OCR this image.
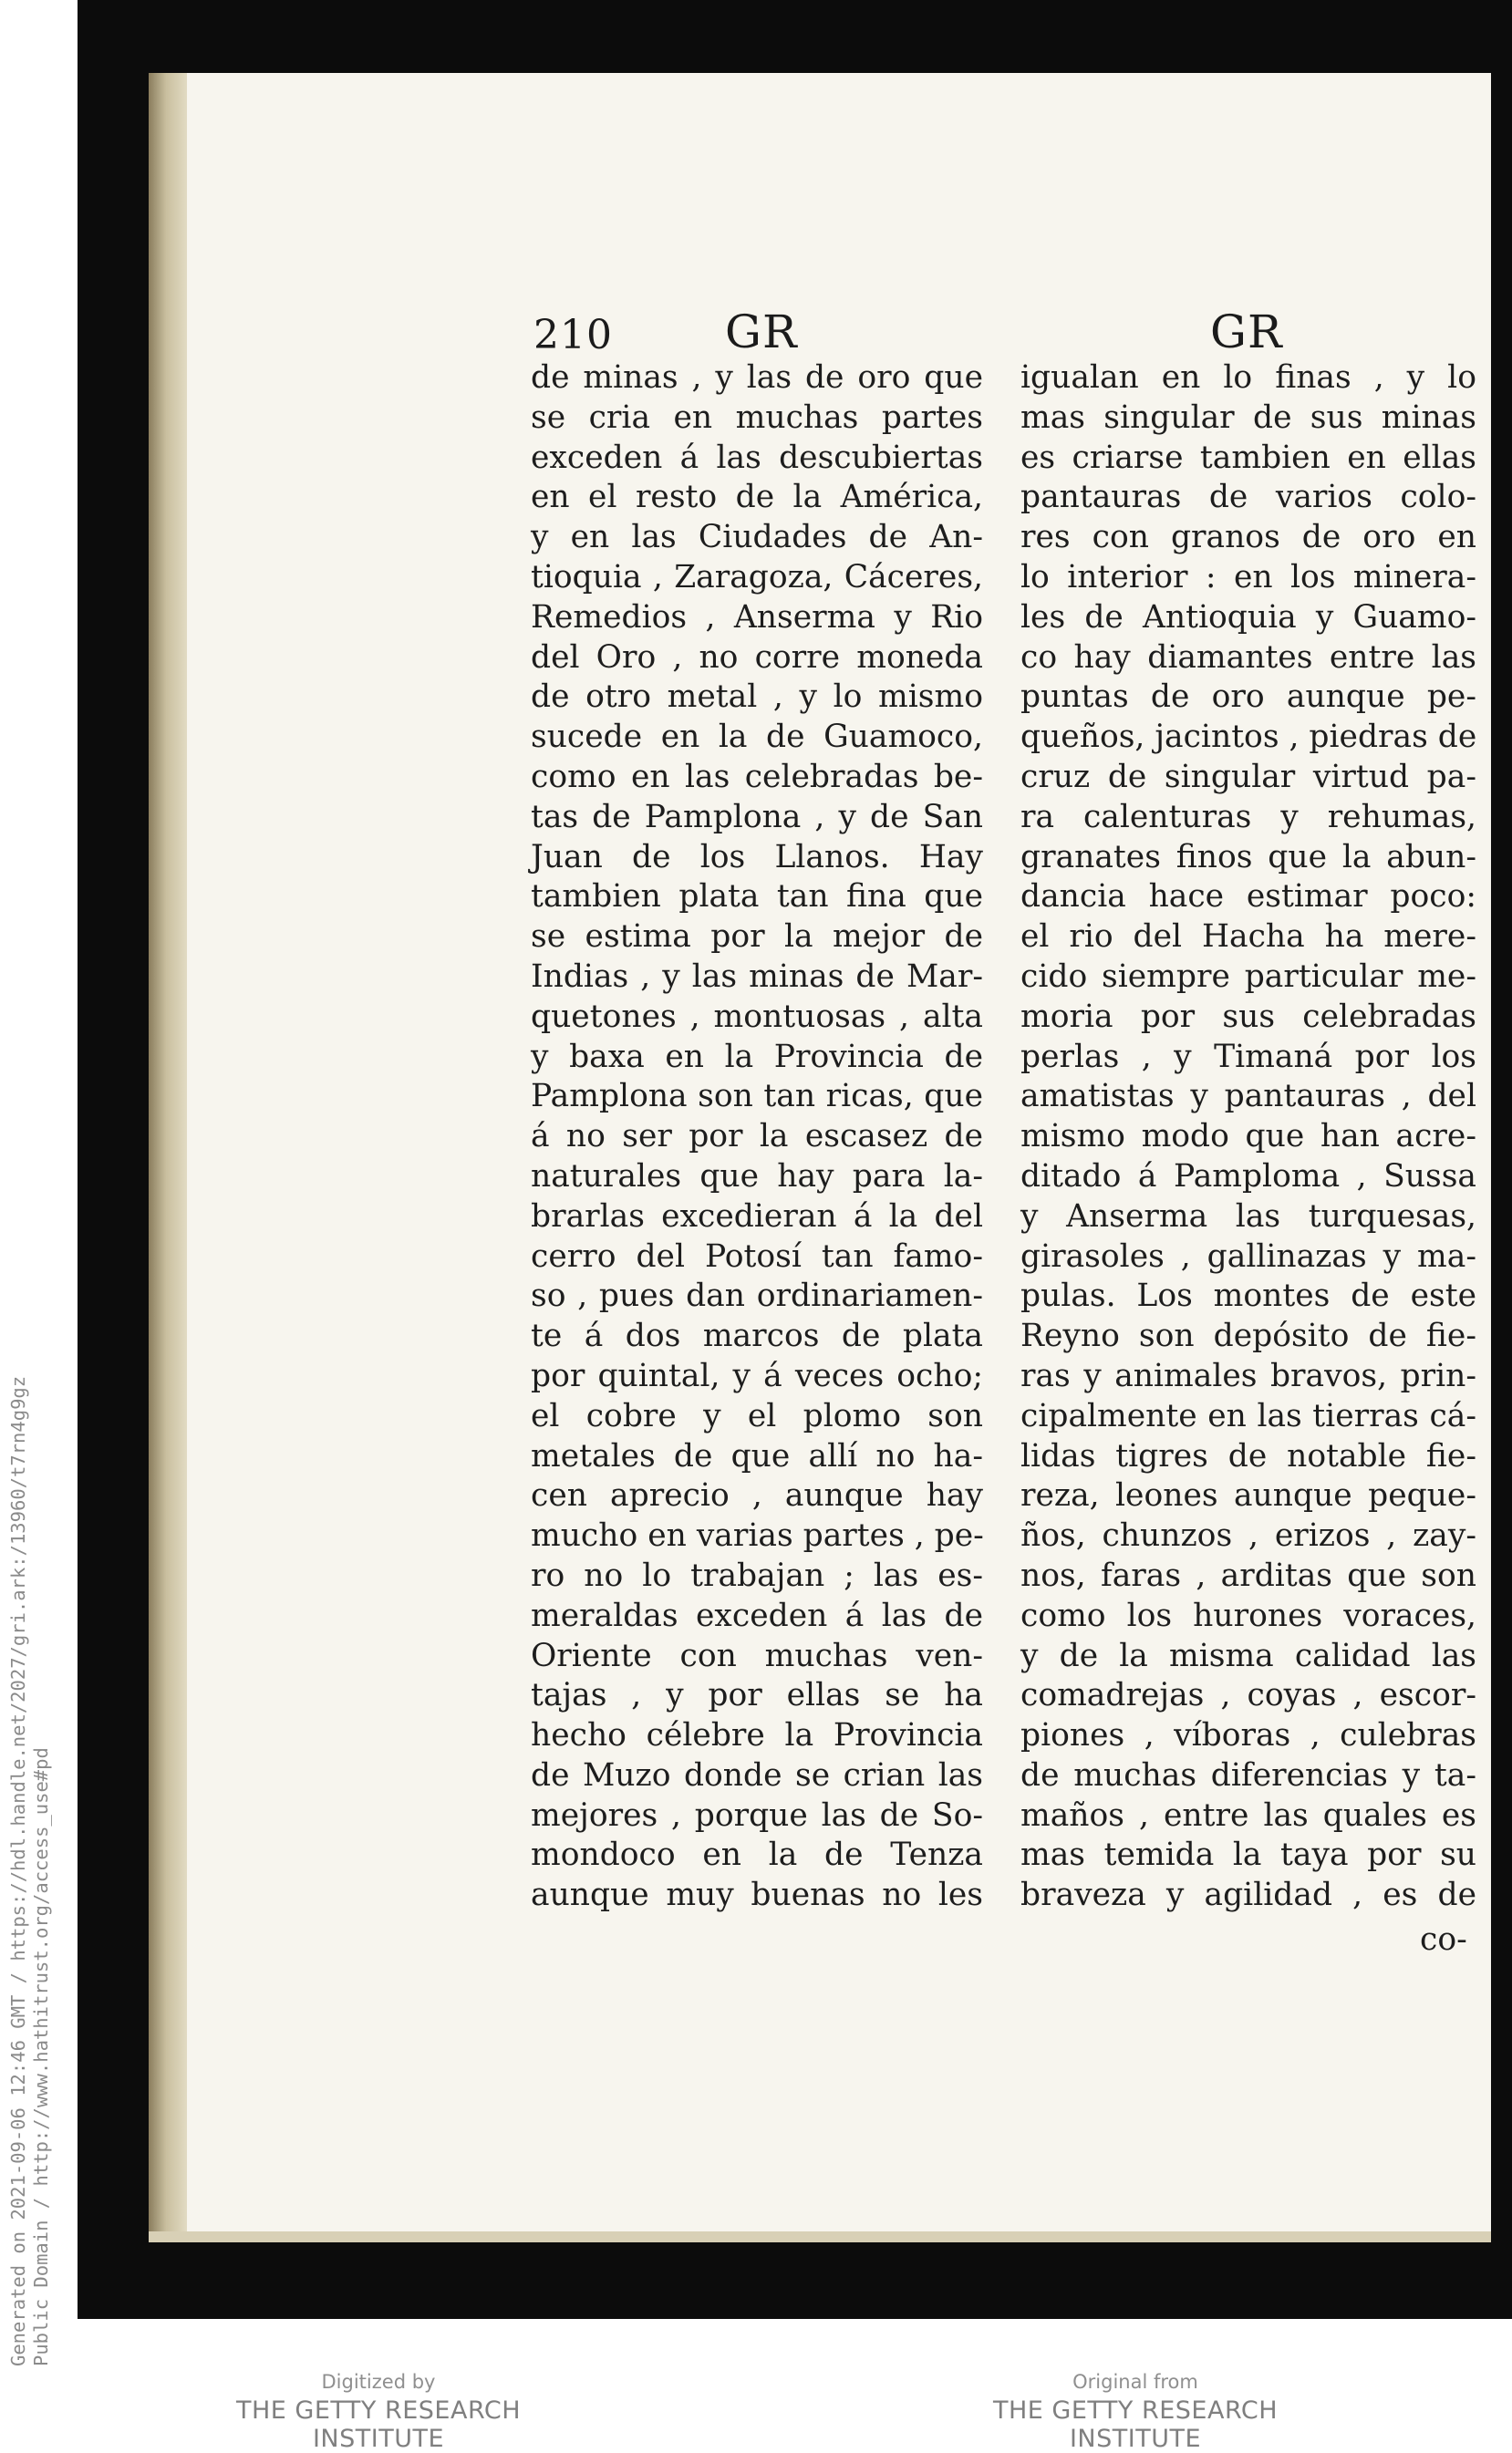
210 GR	GR
de minas , y las de oro que
se cria en muchas partes
exceden á las descubiertas
en el resto de la América,
y en las Ciudades de An-
tioquia , Zaragoza, Cáceres,
Remedios , Anserma y Rio
del Oro , no corre moneda
de otro metal , y lo mismo
sucede en la de Guamoco,
como en las celebradas be-
tas de Pamplona , y de San
Juan de los Llanos. Hay
tambien plata tan fina que
se estima por la mejor de
Indias , y las minas de Mar-
quetones , montuosas , alta
y baxa en la Provincia de
Pamplona son tan ricas, que
á no ser por la escasez de
naturales que hay para la-
brarlas excedieran á la del
cerro del Potosí tan famo-
so , pues dan ordinariamen-
te á dos marcos de plata
por quintal, y á veces ocho;
el cobre y el plomo son
metales de que allí no ha-
cen aprecio , aunque hay
mucho en varias partes , pe-
ro no lo trabajan ; las es-
meraldas exceden á las de
Oriente con muchas ven-
tajas , y por ellas se ha
hecho célebre la Provincia
de Muzo donde se crian las
mejores , porque las de So-
mondoco en la de Tenza
aunque muy buenas no les
igualan en lo finas , y lo
mas singular de sus minas
es criarse tambien en ellas
pantauras de varios colo-
res con granos de oro en
lo interior : en los minera-
les de Antioquia y Guamo-
co hay diamantes entre las
puntas de oro aunque pe-
queños, jacintos , piedras de
cruz de singular virtud pa-
ra calenturas y rehumas,
granates finos que la abun-
dancia hace estimar poco:
el rio del Hacha ha mere-
cido siempre particular me-
moria por sus celebradas
perlas , y Timaná por los
amatistas y pantauras , del
mismo modo que han acre-
ditado á Pamploma , Sussa
y Anserma las turquesas,
girasoles , gallinazas y ma-
pulas. Los montes de este
Reyno son depósito de fie-
ras y animales bravos, prin-
cipalmente en las tierras cá-
lidas tigres de notable fie-
reza, leones aunque peque-
ños, chunzos , erizos , zay-
nos, faras , arditas que son
como los hurones voraces,
y de la misma calidad las
comadrejas , coyas , escor-
piones , víboras , culebras
de muchas diferencias y ta-
maños , entre las quales es
mas temida la taya por su
braveza y agilidad , es de
co-
Generated on 2021-09-06 12:46 GMT / https://hdl.handle.net/2027/gri.ark:/13960/t7rn4g9gz Public Domain / http://www.hathitrust.org/access_use#pd
Digitized by
THE GETTY RESEARCH INSTITUTE
Original from
THE GETTY RESEARCH INSTITUTE
